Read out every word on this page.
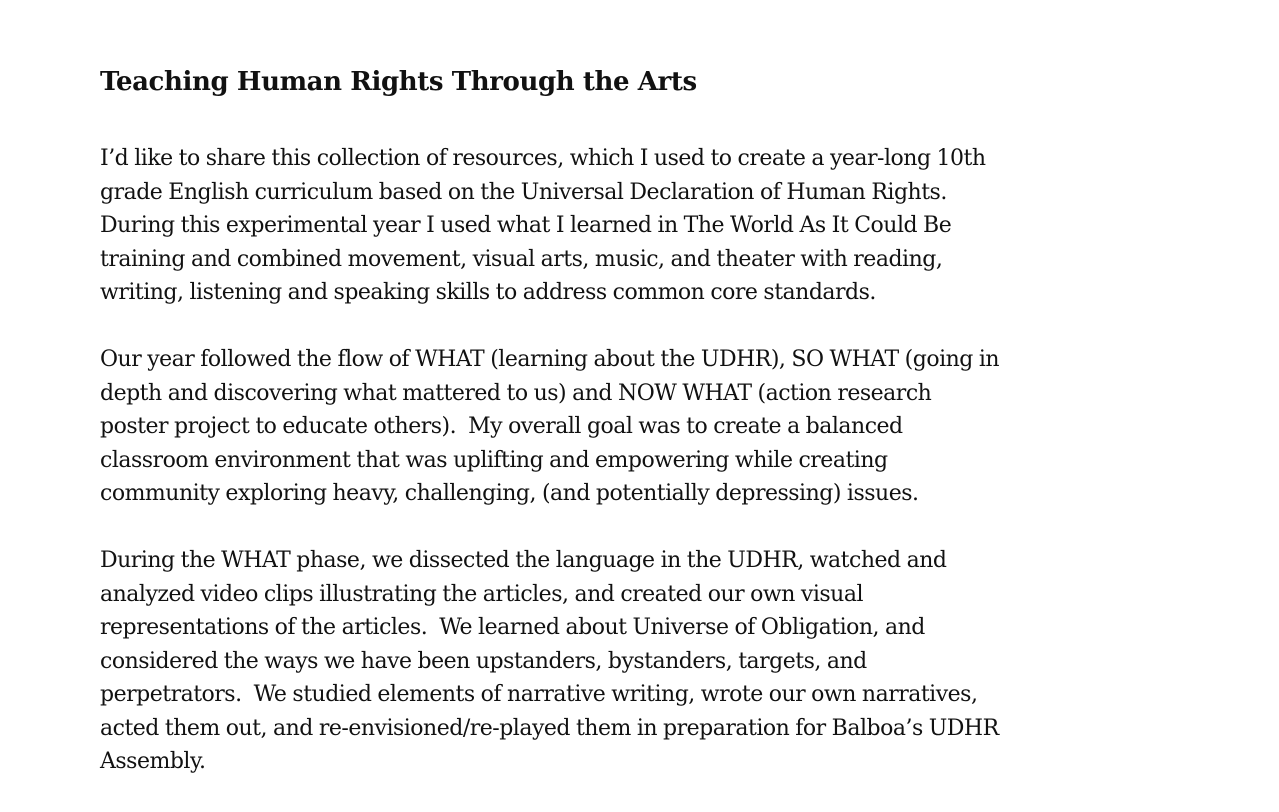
Teaching Human Rights Through the Arts

I’d like to share this collection of resources, which I used to create a year-long 10th
grade English curriculum based on the Universal Declaration of Human Rights.
During this experimental year I used what I learned in The World As It Could Be
training and combined movement, visual arts, music, and theater with reading,
writing, listening and speaking skills to address common core standards.

Our year followed the flow of WHAT (learning about the UDHR), SO WHAT (going in
depth and discovering what mattered to us) and NOW WHAT (action research
poster project to educate others).  My overall goal was to create a balanced
classroom environment that was uplifting and empowering while creating
community exploring heavy, challenging, (and potentially depressing) issues.

During the WHAT phase, we dissected the language in the UDHR, watched and
analyzed video clips illustrating the articles, and created our own visual
representations of the articles.  We learned about Universe of Obligation, and
considered the ways we have been upstanders, bystanders, targets, and
perpetrators.  We studied elements of narrative writing, wrote our own narratives,
acted them out, and re-envisioned/re-played them in preparation for Balboa’s UDHR
Assembly.
